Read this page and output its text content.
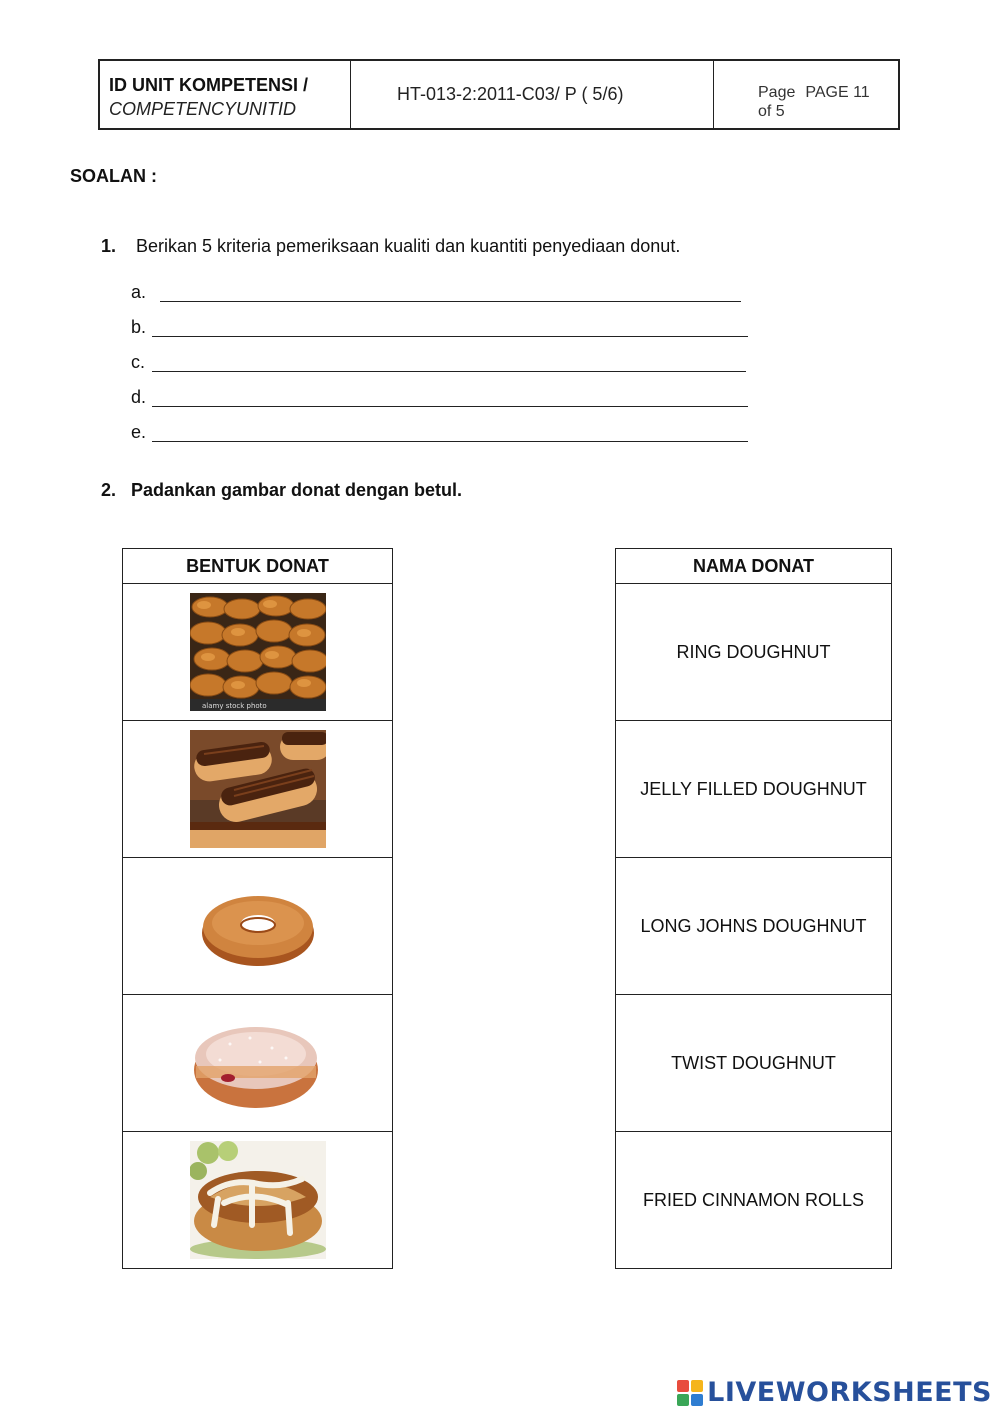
ID UNIT KOMPETENSI /
COMPETENCYUNITID
HT-013-2:2011-C03/ P ( 5/6)	Page PAGE 11
of 5
SOALAN :
1. Berikan 5 kriteria pemeriksaan kualiti dan kuantiti penyediaan donut.
a.
b.
c.
d.
e.
2. Padankan gambar donat dengan betul.
BENTUK DONAT

alamy stock photo

NAMA DONAT
RING DOUGHNUT
JELLY FILLED DOUGHNUT
LONG JOHNS DOUGHNUT
TWIST DOUGHNUT
FRIED CINNAMON ROLLS
LIVEWORKSHEETS
